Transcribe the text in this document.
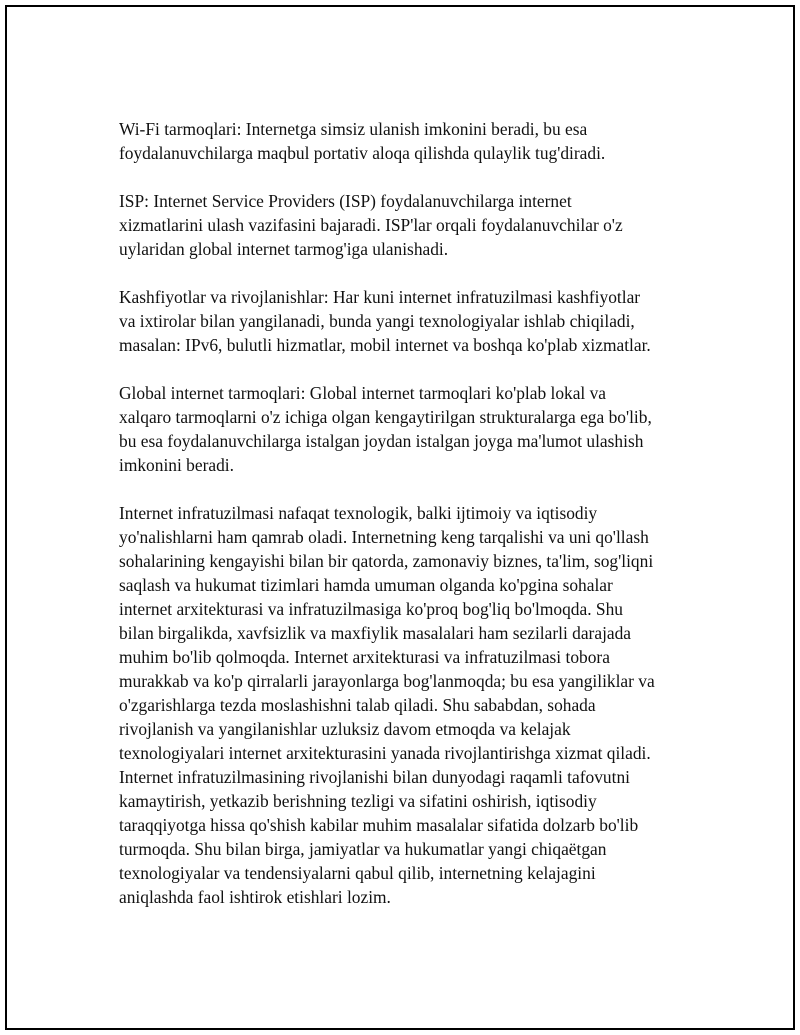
Wi-Fi tarmoqlari: Internetga simsiz ulanish imkonini beradi, bu esa
foydalanuvchilarga maqbul portativ aloqa qilishda qulaylik tug'diradi.

ISP: Internet Service Providers (ISP) foydalanuvchilarga internet
xizmatlarini ulash vazifasini bajaradi. ISP'lar orqali foydalanuvchilar o'z
uylaridan global internet tarmog'iga ulanishadi.

Kashfiyotlar va rivojlanishlar: Har kuni internet infratuzilmasi kashfiyotlar
va ixtirolar bilan yangilanadi, bunda yangi texnologiyalar ishlab chiqiladi,
masalan: IPv6, bulutli hizmatlar, mobil internet va boshqa ko'plab xizmatlar.

Global internet tarmoqlari: Global internet tarmoqlari ko'plab lokal va
xalqaro tarmoqlarni o'z ichiga olgan kengaytirilgan strukturalarga ega bo'lib,
bu esa foydalanuvchilarga istalgan joydan istalgan joyga ma'lumot ulashish
imkonini beradi.

Internet infratuzilmasi nafaqat texnologik, balki ijtimoiy va iqtisodiy
yo'nalishlarni ham qamrab oladi. Internetning keng tarqalishi va uni qo'llash
sohalarining kengayishi bilan bir qatorda, zamonaviy biznes, ta'lim, sog'liqni
saqlash va hukumat tizimlari hamda umuman olganda ko'pgina sohalar
internet arxitekturasi va infratuzilmasiga ko'proq bog'liq bo'lmoqda. Shu
bilan birgalikda, xavfsizlik va maxfiylik masalalari ham sezilarli darajada
muhim bo'lib qolmoqda. Internet arxitekturasi va infratuzilmasi tobora
murakkab va ko'p qirralarli jarayonlarga bog'lanmoqda; bu esa yangiliklar va
o'zgarishlarga tezda moslashishni talab qiladi. Shu sababdan, sohada
rivojlanish va yangilanishlar uzluksiz davom etmoqda va kelajak
texnologiyalari internet arxitekturasini yanada rivojlantirishga xizmat qiladi.
Internet infratuzilmasining rivojlanishi bilan dunyodagi raqamli tafovutni
kamaytirish, yetkazib berishning tezligi va sifatini oshirish, iqtisodiy
taraqqiyotga hissa qo'shish kabilar muhim masalalar sifatida dolzarb bo'lib
turmoqda. Shu bilan birga, jamiyatlar va hukumatlar yangi chiqaëtgan
texnologiyalar va tendensiyalarni qabul qilib, internetning kelajagini
aniqlashda faol ishtirok etishlari lozim.
